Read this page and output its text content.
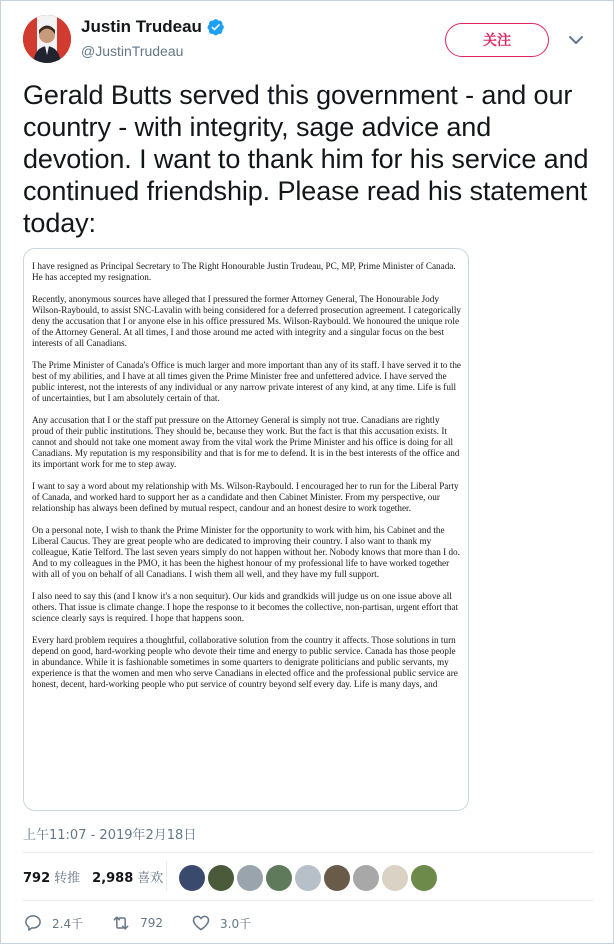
Justin Trudeau
@JustinTrudeau
关注
Gerald Butts served this government - and our country - with integrity, sage advice and devotion. I want to thank him for his service and continued friendship. Please read his statement today:

I have resigned as Principal Secretary to The Right Honourable Justin Trudeau, PC, MP, Prime Minister of Canada. He has accepted my resignation.

Recently, anonymous sources have alleged that I pressured the former Attorney General, The Honourable Jody Wilson-Raybould, to assist SNC-Lavalin with being considered for a deferred prosecution agreement. I categorically deny the accusation that I or anyone else in his office pressured Ms. Wilson-Raybould. We honoured the unique role of the Attorney General. At all times, I and those around me acted with integrity and a singular focus on the best interests of all Canadians.

The Prime Minister of Canada's Office is much larger and more important than any of its staff. I have served it to the best of my abilities, and I have at all times given the Prime Minister free and unfettered advice. I have served the public interest, not the interests of any individual or any narrow private interest of any kind, at any time. Life is full of uncertainties, but I am absolutely certain of that.

Any accusation that I or the staff put pressure on the Attorney General is simply not true. Canadians are rightly proud of their public institutions. They should be, because they work. But the fact is that this accusation exists. It cannot and should not take one moment away from the vital work the Prime Minister and his office is doing for all Canadians. My reputation is my responsibility and that is for me to defend. It is in the best interests of the office and its important work for me to step away.

I want to say a word about my relationship with Ms. Wilson-Raybould. I encouraged her to run for the Liberal Party of Canada, and worked hard to support her as a candidate and then Cabinet Minister. From my perspective, our relationship has always been defined by mutual respect, candour and an honest desire to work together.

On a personal note, I wish to thank the Prime Minister for the opportunity to work with him, his Cabinet and the Liberal Caucus. They are great people who are dedicated to improving their country. I also want to thank my colleague, Katie Telford. The last seven years simply do not happen without her. Nobody knows that more than I do. And to my colleagues in the PMO, it has been the highest honour of my professional life to have worked together with all of you on behalf of all Canadians. I wish them all well, and they have my full support.

I also need to say this (and I know it's a non sequitur). Our kids and grandkids will judge us on one issue above all others. That issue is climate change. I hope the response to it becomes the collective, non-partisan, urgent effort that science clearly says is required. I hope that happens soon.

Every hard problem requires a thoughtful, collaborative solution from the country it affects. Those solutions in turn depend on good, hard-working people who devote their time and energy to public service. Canada has those people in abundance. While it is fashionable sometimes in some quarters to denigrate politicians and public servants, my experience is that the women and men who serve Canadians in elected office and the professional public service are honest, decent, hard-working people who put service of country beyond self every day. Life is many days, and

上午11:07 - 2019年2月18日
792 转推 2,988 喜欢
2.4千	792	3.0千
